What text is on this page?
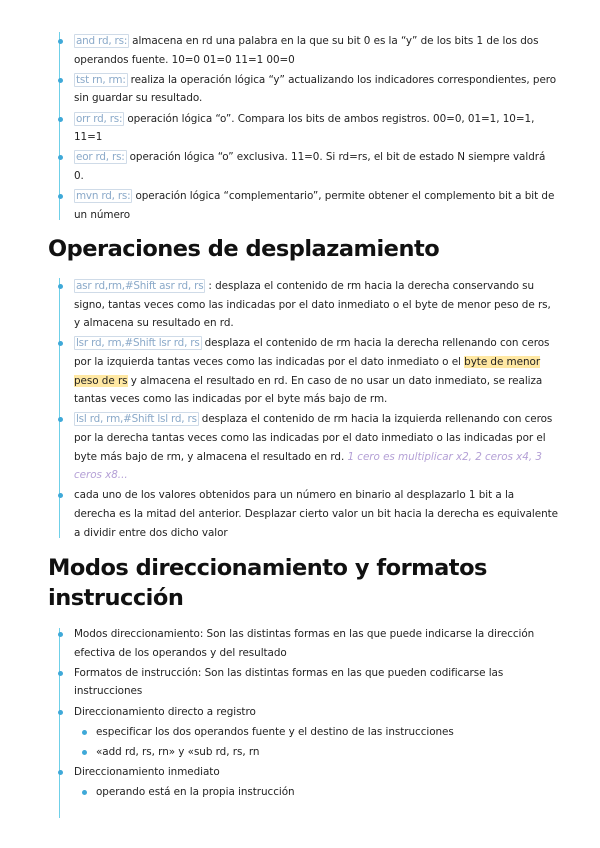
and rd, rs: almacena en rd una palabra en la que su bit 0 es la “y” de los bits 1 de los dos operandos fuente. 10=0 01=0 11=1 00=0
tst rn, rm: realiza la operación lógica “y” actualizando los indicadores correspondientes, pero sin guardar su resultado.
orr rd, rs: operación lógica “o”. Compara los bits de ambos registros. 00=0, 01=1, 10=1, 11=1
eor rd, rs: operación lógica “o” exclusiva. 11=0. Si rd=rs, el bit de estado N siempre valdrá 0.
mvn rd, rs: operación lógica “complementario”, permite obtener el complemento bit a bit de un número
Operaciones de desplazamiento
asr rd,rm,#Shift asr rd, rs : desplaza el contenido de rm hacia la derecha conservando su signo, tantas veces como las indicadas por el dato inmediato o el byte de menor peso de rs, y almacena su resultado en rd.
lsr rd, rm,#Shift lsr rd, rs desplaza el contenido de rm hacia la derecha rellenando con ceros por la izquierda tantas veces como las indicadas por el dato inmediato o el byte de menor peso de rs y almacena el resultado en rd. En caso de no usar un dato inmediato, se realiza tantas veces como las indicadas por el byte más bajo de rm.
lsl rd, rm,#Shift lsl rd, rs desplaza el contenido de rm hacia la izquierda rellenando con ceros por la derecha tantas veces como las indicadas por el dato inmediato o las indicadas por el byte más bajo de rm, y almacena el resultado en rd. 1 cero es multiplicar x2, 2 ceros x4, 3 ceros x8...
cada uno de los valores obtenidos para un número en binario al desplazarlo 1 bit a la derecha es la mitad del anterior. Desplazar cierto valor un bit hacia la derecha es equivalente a dividir entre dos dicho valor
Modos direccionamiento y formatos instrucción
Modos direccionamiento: Son las distintas formas en las que puede indicarse la dirección efectiva de los operandos y del resultado
Formatos de instrucción: Son las distintas formas en las que pueden codificarse las instrucciones
Direccionamiento directo a registro
especificar los dos operandos fuente y el destino de las instrucciones
«add rd, rs, rn» y «sub rd, rs, rn
Direccionamiento inmediato
operando está en la propia instrucción
